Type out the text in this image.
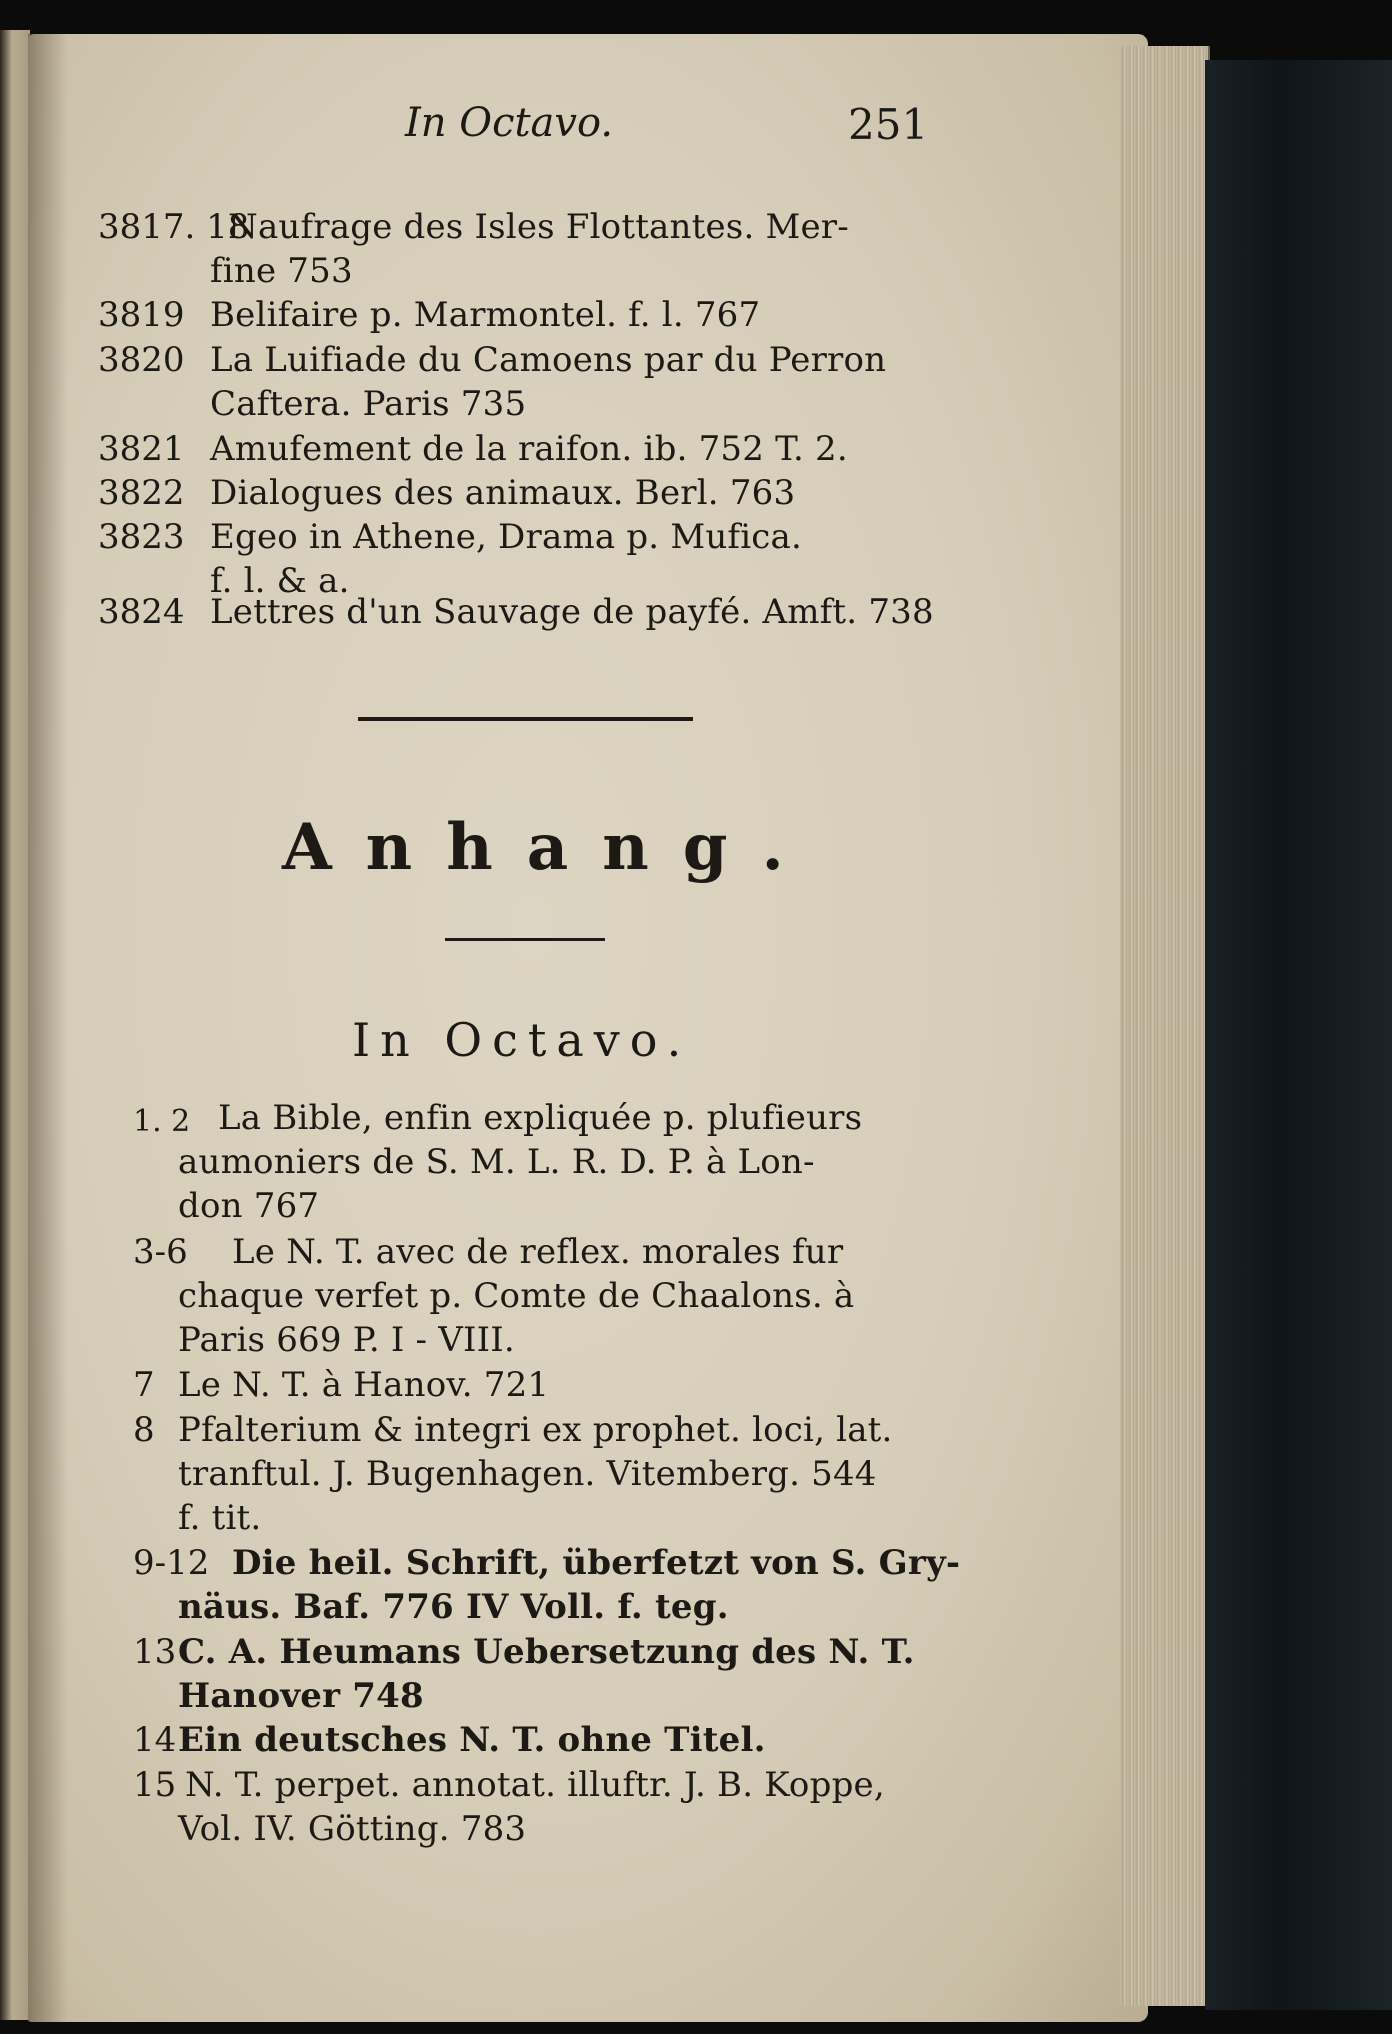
In Octavo.	251
3817. 18
Naufrage des Isles Flottantes. Mer-
fine 753
3819 Belifaire p. Marmontel. f. l. 767
3820 La Luifiade du Camoens par du Perron
Caftera. Paris 735
3821 Amufement de la raifon. ib. 752 T. 2.
3822 Dialogues des animaux. Berl. 763
3823 Egeo in Athene, Drama p. Mufica.
f. l. & a.
3824 Lettres d'un Sauvage de payfé. Amft. 738
Anhang.
In Octavo.
1. 2 La Bible, enfin expliquée p. plufieurs
aumoniers de S. M. L. R. D. P. à Lon-
don 767
3-6 Le N. T. avec de reflex. morales fur
chaque verfet p. Comte de Chaalons. à
Paris 669 P. I - VIII.
7 Le N. T. à Hanov. 721
8 Pfalterium & integri ex prophet. loci, lat.
tranftul. J. Bugenhagen. Vitemberg. 544
f. tit.
9-12 Die heil. Schrift, überfetzt von S. Gry-
näus. Baf. 776 IV Voll. f. teg.
13 C. A. Heumans Uebersetzung des N. T.
Hanover 748
14 Ein deutsches N. T. ohne Titel.
15 N. T. perpet. annotat. illuftr. J. B. Koppe,
Vol. IV. Götting. 783
